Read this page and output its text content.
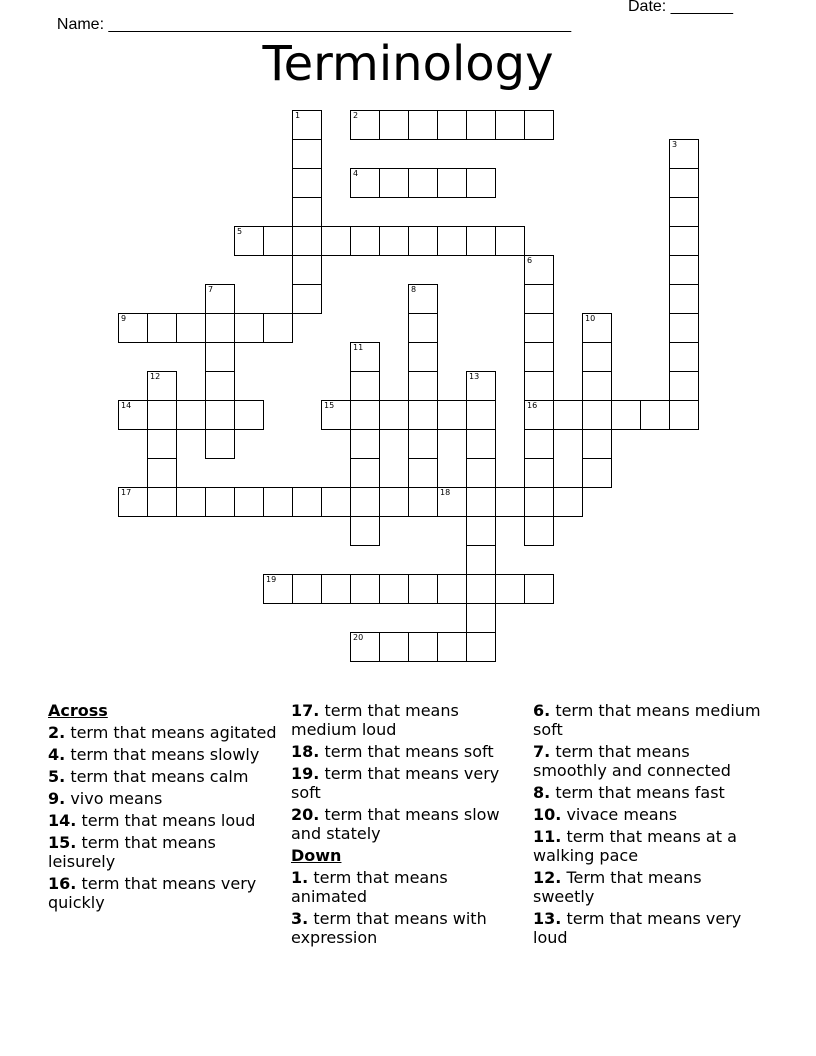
Name: ____________________________________________________

Date: _______

Terminology
1	2
3
4
5
6
16
7	8
9	10
11
12	13
14	15
17	18
19
20
Across
2. term that means agitated
4. term that means slowly
5. term that means calm
9. vivo means
14. term that means loud
15. term that means leisurely
16. term that means very quickly
17. term that means medium loud
18. term that means soft
19. term that means very soft
20. term that means slow and stately
Down
1. term that means animated
3. term that means with expression
6. term that means medium soft
7. term that means smoothly and connected
8. term that means fast
10. vivace means
11. term that means at a walking pace
12. Term that means sweetly
13. term that means very loud
